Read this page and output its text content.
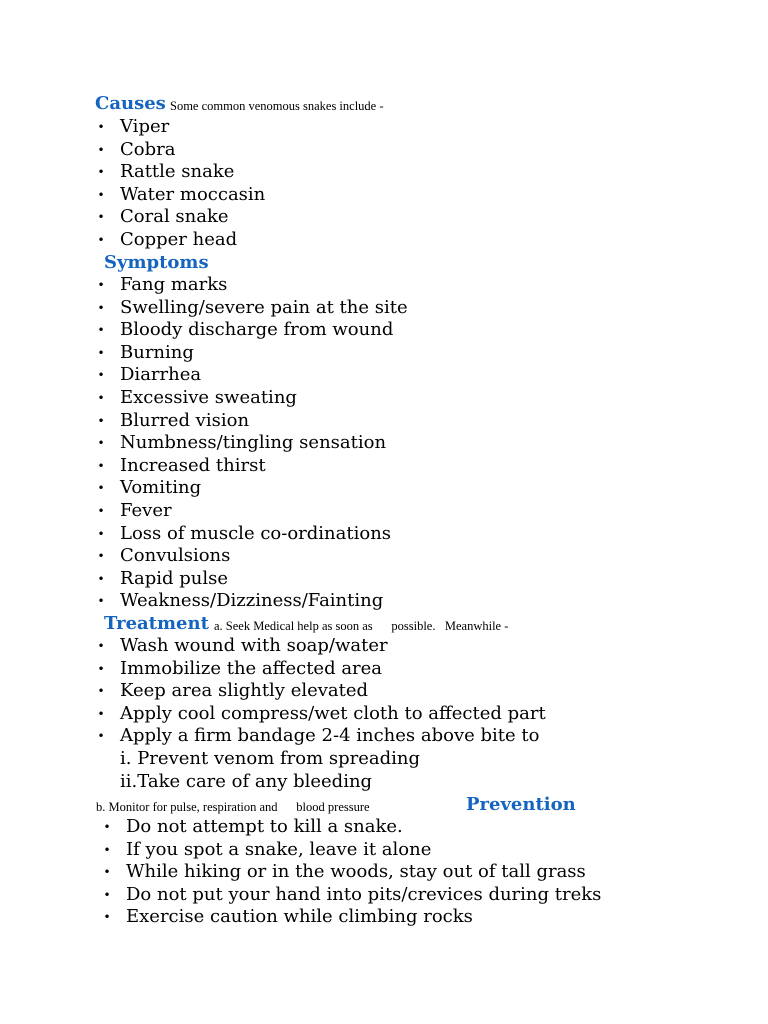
Causes Some common venomous snakes include -
• Viper
• Cobra
• Rattle snake
• Water moccasin
• Coral snake
• Copper head
Symptoms
• Fang marks
• Swelling/severe pain at the site
• Bloody discharge from wound
• Burning
• Diarrhea
• Excessive sweating
• Blurred vision
• Numbness/tingling sensation
• Increased thirst
• Vomiting
• Fever
• Loss of muscle co-ordinations
• Convulsions
• Rapid pulse
• Weakness/Dizziness/Fainting
Treatment a. Seek Medical help as soon as      possible.   Meanwhile -
• Wash wound with soap/water
• Immobilize the affected area
• Keep area slightly elevated
• Apply cool compress/wet cloth to affected part
• Apply a firm bandage 2-4 inches above bite to
i. Prevent venom from spreading
ii.Take care of any bleeding
b. Monitor for pulse, respiration and      blood pressure	Prevention
• Do not attempt to kill a snake.
• If you spot a snake, leave it alone
• While hiking or in the woods, stay out of tall grass
• Do not put your hand into pits/crevices during treks
• Exercise caution while climbing rocks
